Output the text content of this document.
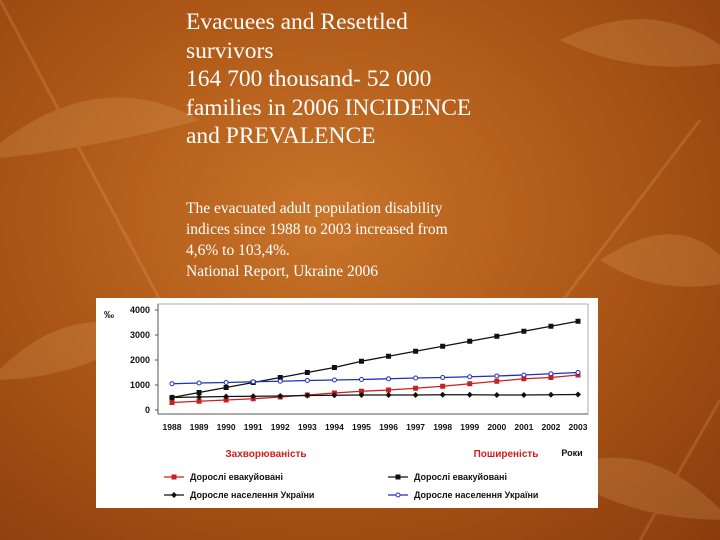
Evacuees and Resettled
survivors
164 700 thousand- 52 000
families in 2006 INCIDENCE
and PREVALENCE
The evacuated adult population disability
indices since 1988 to 2003 increased from
4,6% to 103,4%.
National Report, Ukraine 2006
0
1000
2000
3000
4000
‰
1988 1989 1990 1991 1992 1993 1994 1995 1996 1997 1998 1999 2000 2001 2002 2003
Роки
Захворюваність	Поширеність
Дорослі евакуйовані
Доросле населення України
Дорослі евакуйовані
Доросле населення України
